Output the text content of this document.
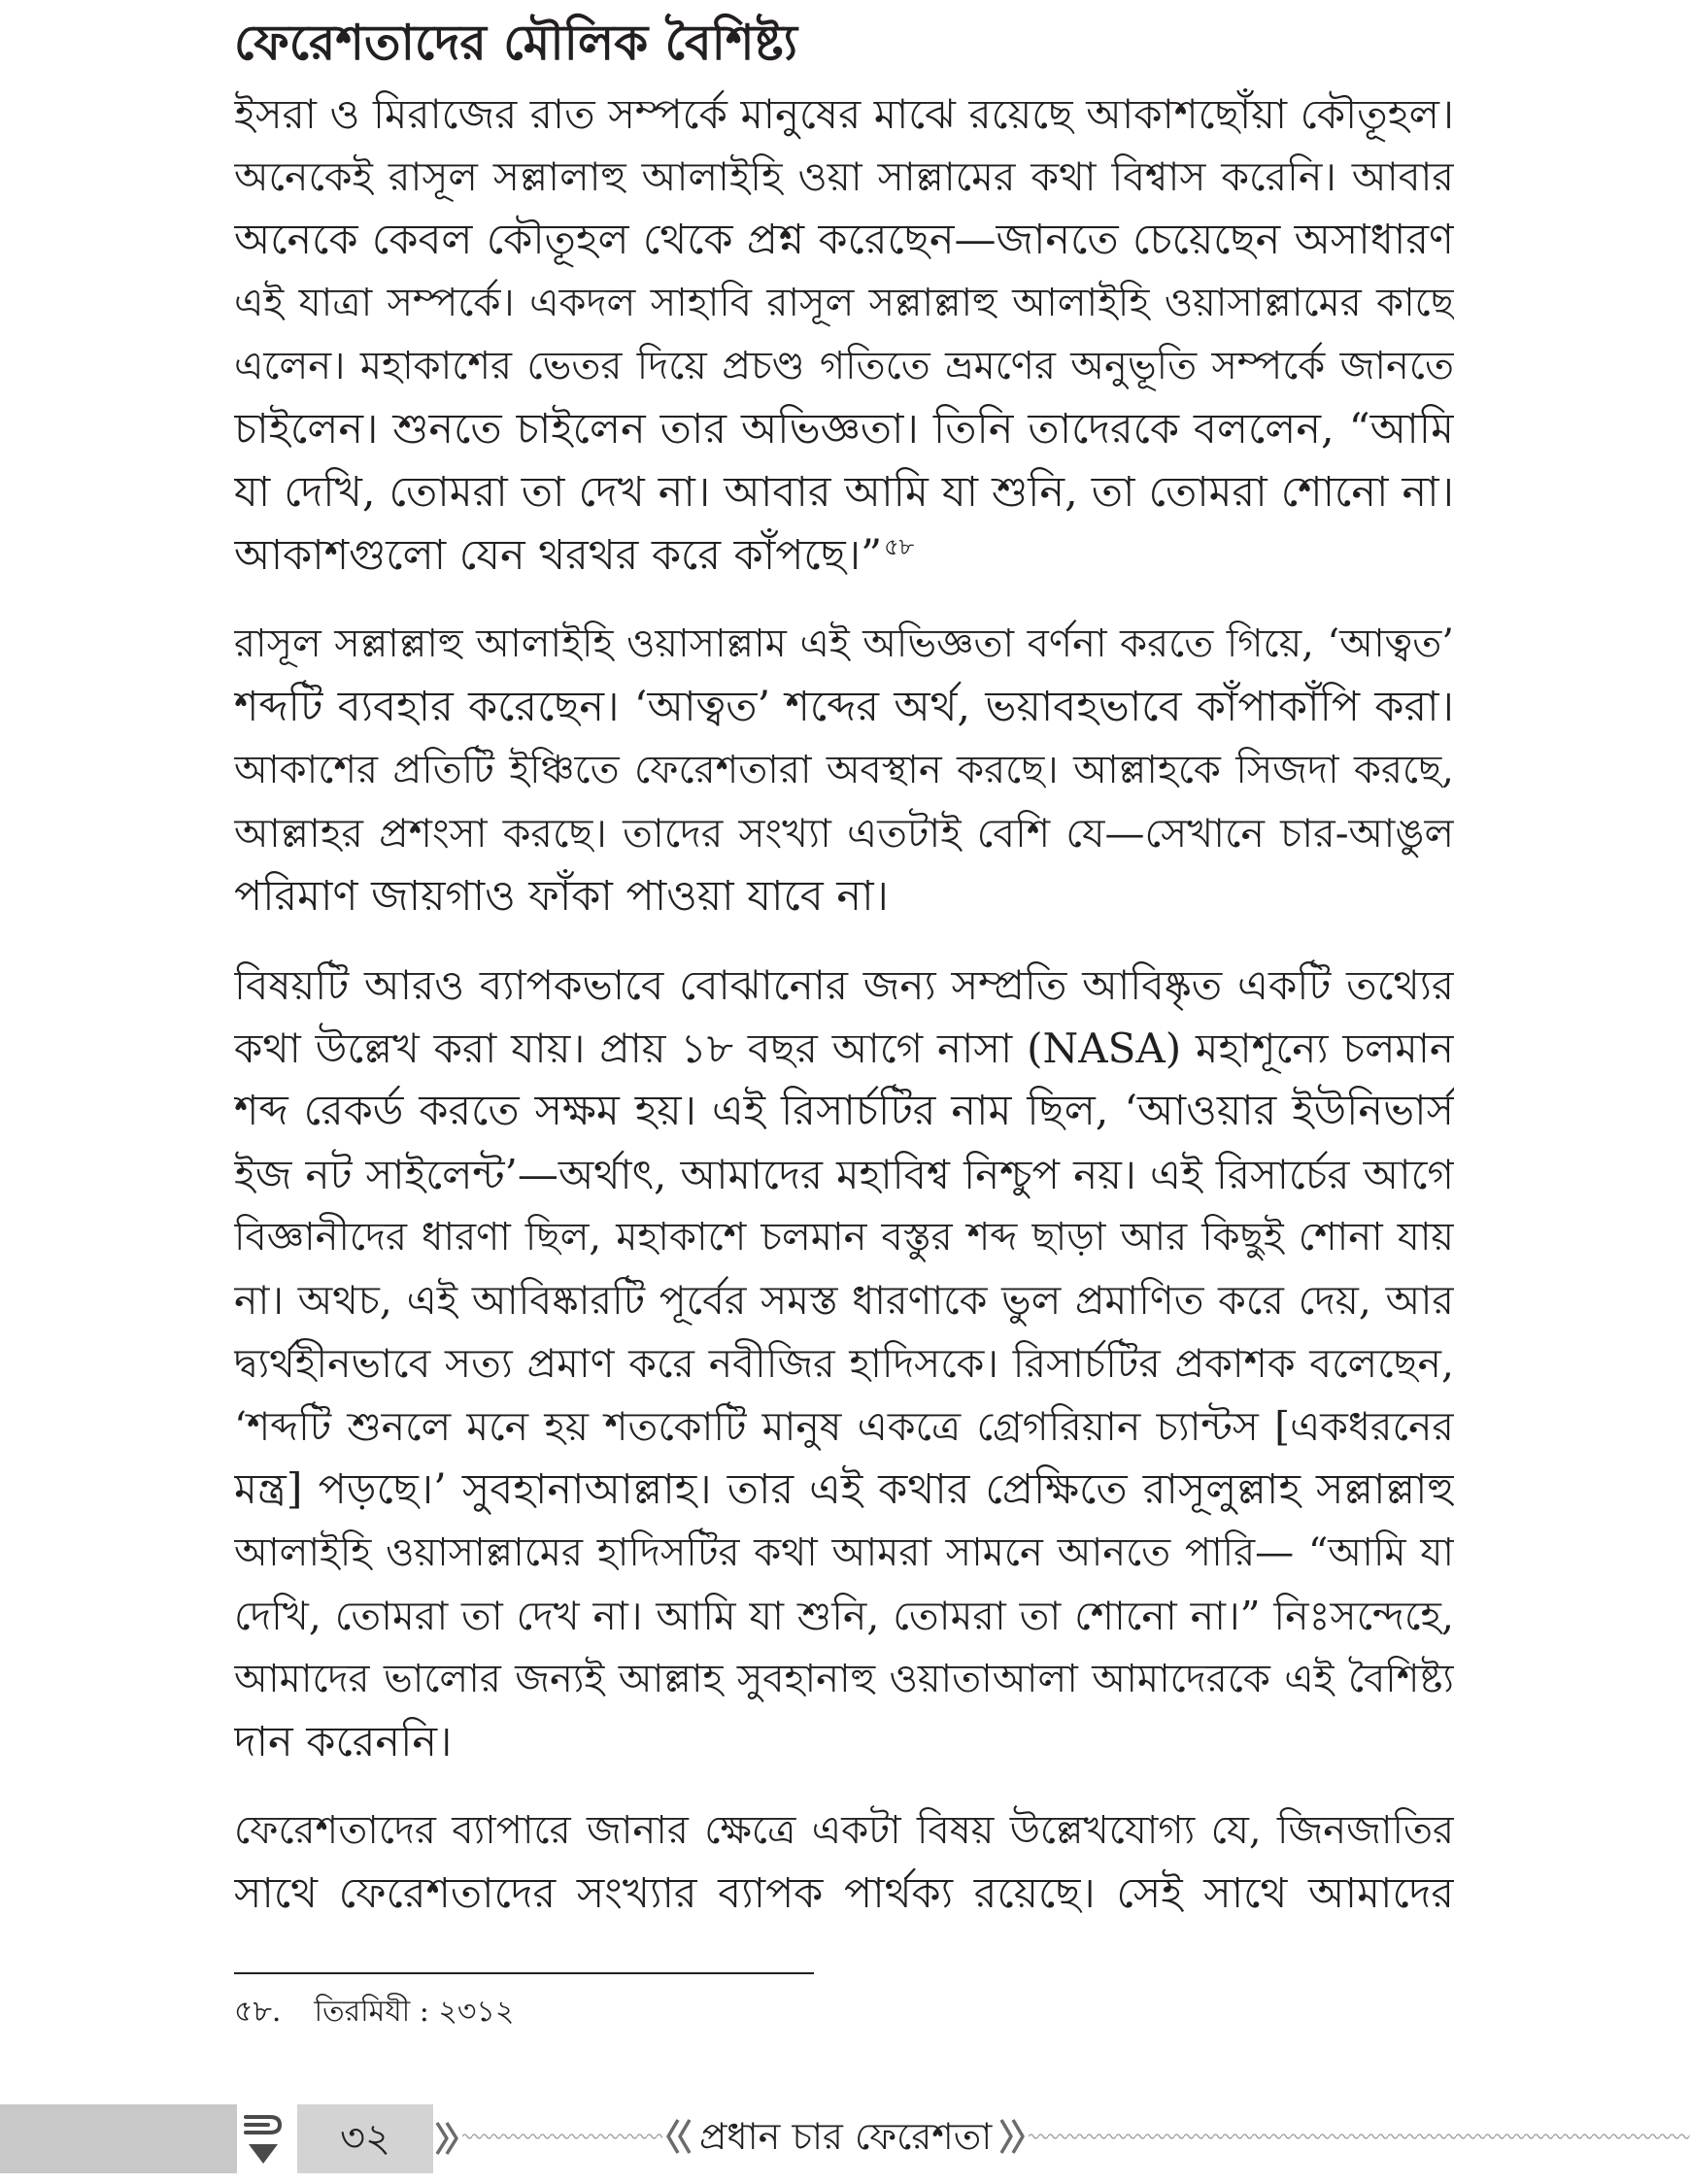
ফেরেশতাদের মৌলিক বৈশিষ্ট্য
ইসরা ও মিরাজের রাত সম্পর্কে মানুষের মাঝে রয়েছে আকাশছোঁয়া কৌতূহল।
অনেকেই রাসূল সল্লালাহু আলাইহি ওয়া সাল্লামের কথা বিশ্বাস করেনি। আবার
অনেকে কেবল কৌতূহল থেকে প্রশ্ন করেছেন—জানতে চেয়েছেন অসাধারণ
এই যাত্রা সম্পর্কে। একদল সাহাবি রাসূল সল্লাল্লাহু আলাইহি ওয়াসাল্লামের কাছে
এলেন। মহাকাশের ভেতর দিয়ে প্রচণ্ড গতিতে ভ্রমণের অনুভূতি সম্পর্কে জানতে
চাইলেন। শুনতে চাইলেন তার অভিজ্ঞতা। তিনি তাদেরকে বললেন, “আমি
যা দেখি, তোমরা তা দেখ না। আবার আমি যা শুনি, তা তোমরা শোনো না।
আকাশগুলো যেন থরথর করে কাঁপছে।”$^{৫৮}$
রাসূল সল্লাল্লাহু আলাইহি ওয়াসাল্লাম এই অভিজ্ঞতা বর্ণনা করতে গিয়ে, ‘আত্বত’
শব্দটি ব্যবহার করেছেন। ‘আত্বত’ শব্দের অর্থ, ভয়াবহভাবে কাঁপাকাঁপি করা।
আকাশের প্রতিটি ইঞ্চিতে ফেরেশতারা অবস্থান করছে। আল্লাহকে সিজদা করছে,
আল্লাহর প্রশংসা করছে। তাদের সংখ্যা এতটাই বেশি যে—সেখানে চার-আঙুল
পরিমাণ জায়গাও ফাঁকা পাওয়া যাবে না।
বিষয়টি আরও ব্যাপকভাবে বোঝানোর জন্য সম্প্রতি আবিষ্কৃত একটি তথ্যের
কথা উল্লেখ করা যায়। প্রায় ১৮ বছর আগে নাসা (NASA) মহাশূন্যে চলমান
শব্দ রেকর্ড করতে সক্ষম হয়। এই রিসার্চটির নাম ছিল, ‘আওয়ার ইউনিভার্স
ইজ নট সাইলেন্ট’—অর্থাৎ, আমাদের মহাবিশ্ব নিশ্চুপ নয়। এই রিসার্চের আগে
বিজ্ঞানীদের ধারণা ছিল, মহাকাশে চলমান বস্তুর শব্দ ছাড়া আর কিছুই শোনা যায়
না। অথচ, এই আবিষ্কারটি পূর্বের সমস্ত ধারণাকে ভুল প্রমাণিত করে দেয়, আর
দ্ব্যর্থহীনভাবে সত্য প্রমাণ করে নবীজির হাদিসকে। রিসার্চটির প্রকাশক বলেছেন,
‘শব্দটি শুনলে মনে হয় শতকোটি মানুষ একত্রে গ্রেগরিয়ান চ্যান্টস [একধরনের
মন্ত্র] পড়ছে।’ সুবহানাআল্লাহ। তার এই কথার প্রেক্ষিতে রাসূলুল্লাহ সল্লাল্লাহু
আলাইহি ওয়াসাল্লামের হাদিসটির কথা আমরা সামনে আনতে পারি— “আমি যা
দেখি, তোমরা তা দেখ না। আমি যা শুনি, তোমরা তা শোনো না।” নিঃসন্দেহে,
আমাদের ভালোর জন্যই আল্লাহ সুবহানাহু ওয়াতাআলা আমাদেরকে এই বৈশিষ্ট্য
দান করেননি।
ফেরেশতাদের ব্যাপারে জানার ক্ষেত্রে একটা বিষয় উল্লেখযোগ্য যে, জিনজাতির
সাথে ফেরেশতাদের সংখ্যার ব্যাপক পার্থক্য রয়েছে। সেই সাথে আমাদের
৫৮. তিরমিযী : ২৩১২
৩২	প্রধান চার ফেরেশতা
